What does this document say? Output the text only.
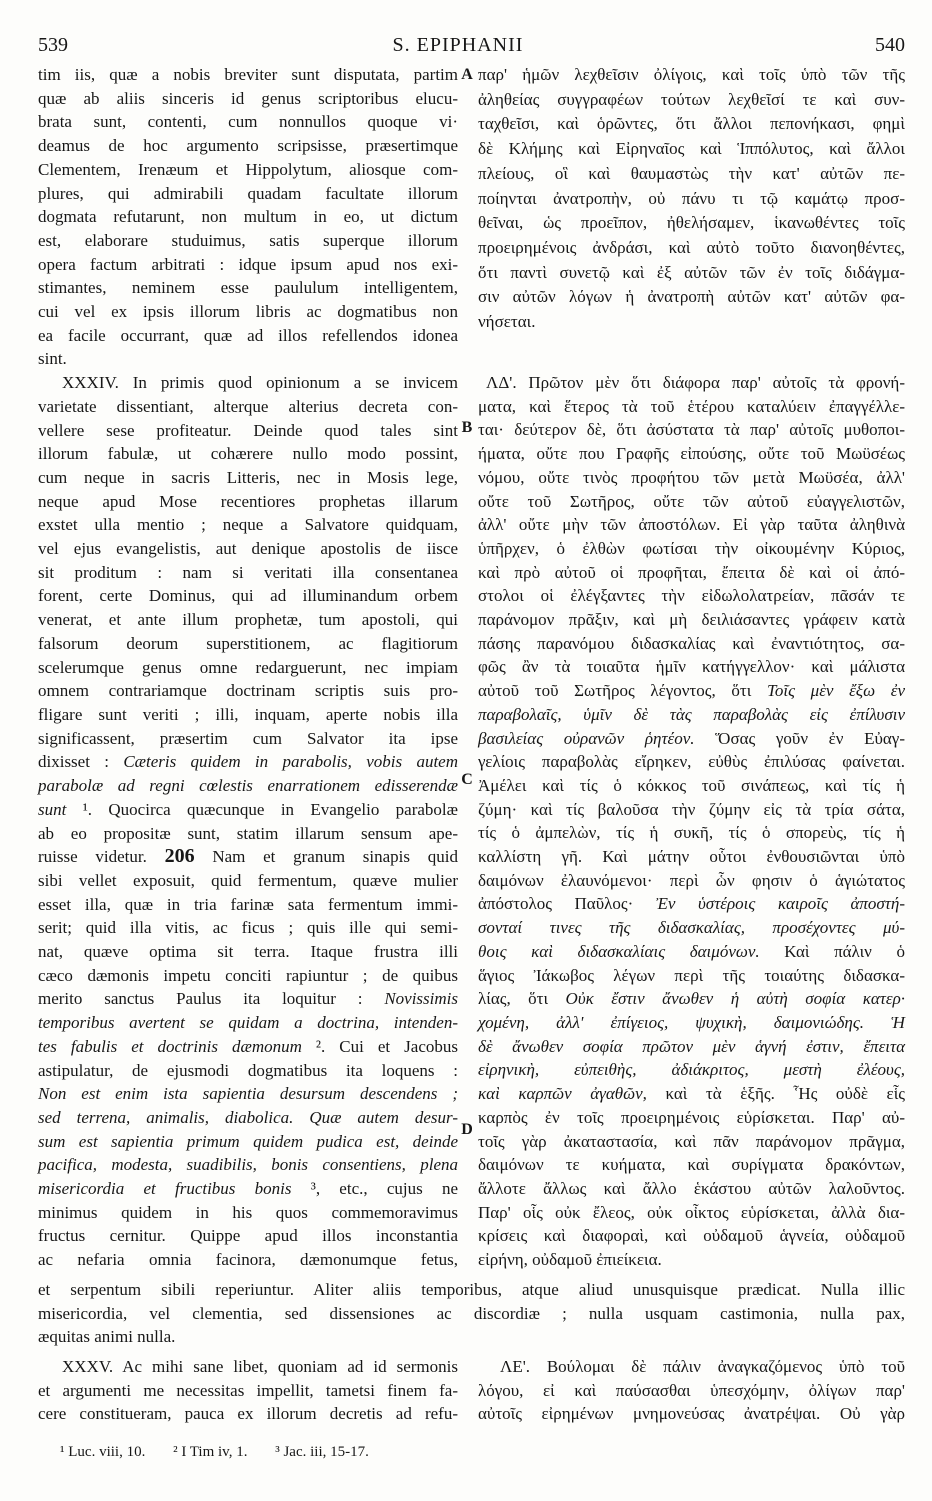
539	S. EPIPHANII	540
A
B
C
D
tim iis, quæ a nobis breviter sunt disputata, partim
quæ ab aliis sinceris id genus scriptoribus elucu-
brata sunt, contenti, cum nonnullos quoque vi·
deamus de hoc argumento scripsisse, præsertimque
Clementem, Irenæum et Hippolytum, aliosque com-
plures, qui admirabili quadam facultate illorum
dogmata refutarunt, non multum in eo, ut dictum
est, elaborare studuimus, satis superque illorum
opera factum arbitrati : idque ipsum apud nos exi-
stimantes, neminem esse paululum intelligentem,
cui vel ex ipsis illorum libris ac dogmatibus non
ea facile occurrant, quæ ad illos refellendos idonea
sint.
XXXIV. In primis quod opinionum a se invicem
varietate dissentiant, alterque alterius decreta con-
vellere sese profiteatur. Deinde quod tales sint
illorum fabulæ, ut cohærere nullo modo possint,
cum neque in sacris Litteris, nec in Mosis lege,
neque apud Mose recentiores prophetas illarum
exstet ulla mentio ; neque a Salvatore quidquam,
vel ejus evangelistis, aut denique apostolis de iisce
sit proditum : nam si veritati illa consentanea
forent, certe Dominus, qui ad illuminandum orbem
venerat, et ante illum prophetæ, tum apostoli, qui
falsorum deorum superstitionem, ac flagitiorum
scelerumque genus omne redarguerunt, nec impiam
omnem contrariamque doctrinam scriptis suis pro-
fligare sunt veriti ; illi, inquam, aperte nobis illa
significassent, præsertim cum Salvator ita ipse
dixisset : Cæteris quidem in parabolis, vobis autem
parabolæ ad regni cœlestis enarrationem edisserendæ
sunt ¹. Quocirca quæcunque in Evangelio parabolæ
ab eo propositæ sunt, statim illarum sensum ape-
ruisse videtur. 206 Nam et granum sinapis quid
sibi vellet exposuit, quid fermentum, quæve mulier
esset illa, quæ in tria farinæ sata fermentum immi-
serit; quid illa vitis, ac ficus ; quis ille qui semi-
nat, quæve optima sit terra. Itaque frustra illi
cæco dæmonis impetu conciti rapiuntur ; de quibus
merito sanctus Paulus ita loquitur : Novissimis
temporibus avertent se quidam a doctrina, intenden-
tes fabulis et doctrinis dæmonum ². Cui et Jacobus
astipulatur, de ejusmodi dogmatibus ita loquens :
Non est enim ista sapientia desursum descendens ;
sed terrena, animalis, diabolica. Quæ autem desur-
sum est sapientia primum quidem pudica est, deinde
pacifica, modesta, suadibilis, bonis consentiens, plena
misericordia et fructibus bonis ³, etc., cujus ne
minimus quidem in his quos commemoravimus
fructus cernitur. Quippe apud illos inconstantia
ac nefaria omnia facinora, dæmonumque fetus,
παρ' ἡμῶν λεχθεῖσιν ὀλίγοις, καὶ τοῖς ὑπὸ τῶν τῆς
ἀληθείας συγγραφέων τούτων λεχθεῖσί τε καὶ συν-
ταχθεῖσι, καὶ ὁρῶντες, ὅτι ἄλλοι πεπονήκασι, φημὶ
δὲ Κλήμης καὶ Εἰρηναῖος καὶ Ἱππόλυτος, καὶ ἄλλοι
πλείους, οἳ καὶ θαυμαστὼς τὴν κατ' αὐτῶν πε-
ποίηνται ἀνατροπὴν, οὐ πάνυ τι τῷ καμάτῳ προσ-
θεῖναι, ὡς προεῖπον, ἠθελήσαμεν, ἱκανωθέντες τοῖς
προειρημένοις ἀνδράσι, καὶ αὐτὸ τοῦτο διανοηθέντες,
ὅτι παντὶ συνετῷ καὶ ἐξ αὐτῶν τῶν ἐν τοῖς διδάγμα-
σιν αὐτῶν λόγων ἡ ἀνατροπὴ αὐτῶν κατ' αὐτῶν φα-
νήσεται.
ΛΔ'. Πρῶτον μὲν ὅτι διάφορα παρ' αὐτοῖς τὰ φρονή-
ματα, καὶ ἕτερος τὰ τοῦ ἑτέρου καταλύειν ἐπαγγέλλε-
ται· δεύτερον δὲ, ὅτι ἀσύστατα τὰ παρ' αὐτοῖς μυθοποι-
ήματα, οὔτε που Γραφῆς εἰπούσης, οὔτε τοῦ Μωϋσέως
νόμου, οὔτε τινὸς προφήτου τῶν μετὰ Μωϋσέα, ἀλλ'
οὔτε τοῦ Σωτῆρος, οὔτε τῶν αὐτοῦ εὐαγγελιστῶν,
ἀλλ' οὔτε μὴν τῶν ἀποστόλων. Εἰ γὰρ ταῦτα ἀληθινὰ
ὑπῆρχεν, ὁ ἐλθὼν φωτίσαι τὴν οἰκουμένην Κύριος,
καὶ πρὸ αὐτοῦ οἱ προφῆται, ἔπειτα δὲ καὶ οἱ ἀπό-
στολοι οἱ ἐλέγξαντες τὴν εἰδωλολατρείαν, πᾶσάν τε
παράνομον πρᾶξιν, καὶ μὴ δειλιάσαντες γράφειν κατὰ
πάσης παρανόμου διδασκαλίας καὶ ἐναντιότητος, σα-
φῶς ἂν τὰ τοιαῦτα ἡμῖν κατήγγελλον· καὶ μάλιστα
αὐτοῦ τοῦ Σωτῆρος λέγοντος, ὅτι Τοῖς μὲν ἔξω ἐν
παραβολαῖς, ὑμῖν δὲ τὰς παραβολὰς εἰς ἐπίλυσιν
βασιλείας οὐρανῶν ῥητέον. Ὅσας γοῦν ἐν Εὐαγ-
γελίοις παραβολὰς εἴρηκεν, εὐθὺς ἐπιλύσας φαίνεται.
Ἀμέλει καὶ τίς ὁ κόκκος τοῦ σινάπεως, καὶ τίς ἡ
ζύμη· καὶ τίς βαλοῦσα τὴν ζύμην εἰς τὰ τρία σάτα,
τίς ὁ ἀμπελὼν, τίς ἡ συκῆ, τίς ὁ σπορεὺς, τίς ἡ
καλλίστη γῆ. Καὶ μάτην οὗτοι ἐνθουσιῶνται ὑπὸ
δαιμόνων ἐλαυνόμενοι· περὶ ὧν φησιν ὁ ἁγιώτατος
ἀπόστολος Παῦλος· Ἐν ὑστέροις καιροῖς ἀποστή-
σονταί τινες τῆς διδασκαλίας, προσέχοντες μύ-
θοις καὶ διδασκαλίαις δαιμόνων. Καὶ πάλιν ὁ
ἅγιος Ἰάκωβος λέγων περὶ τῆς τοιαύτης διδασκα-
λίας, ὅτι Οὐκ ἔστιν ἄνωθεν ἡ αὐτὴ σοφία κατερ·
χομένη, ἀλλ' ἐπίγειος, ψυχικὴ, δαιμονιώδης. Ἡ
δὲ ἄνωθεν σοφία πρῶτον μὲν ἁγνή ἐστιν, ἔπειτα
εἰρηνικὴ, εὐπειθὴς, ἀδιάκριτος, μεστὴ ἐλέους,
καὶ καρπῶν ἀγαθῶν, καὶ τὰ ἑξῆς. Ἧς οὐδὲ εἷς
καρπὸς ἐν τοῖς προειρημένοις εὑρίσκεται. Παρ' αὐ-
τοῖς γὰρ ἀκαταστασία, καὶ πᾶν παράνομον πρᾶγμα,
δαιμόνων τε κυήματα, καὶ συρίγματα δρακόντων,
ἄλλοτε ἄλλως καὶ ἄλλο ἑκάστου αὐτῶν λαλοῦντος.
Παρ' οἷς οὐκ ἔλεος, οὐκ οἶκτος εὑρίσκεται, ἀλλὰ δια-
κρίσεις καὶ διαφοραὶ, καὶ οὐδαμοῦ ἁγνεία, οὐδαμοῦ
εἰρήνη, οὐδαμοῦ ἐπιείκεια.
et serpentum sibili reperiuntur. Aliter aliis temporibus, atque aliud unusquisque prædicat. Nulla illic
misericordia, vel clementia, sed dissensiones ac discordiæ ; nulla usquam castimonia, nulla pax,
æquitas animi nulla.
XXXV. Ac mihi sane libet, quoniam ad id sermonis
et argumenti me necessitas impellit, tametsi finem fa-
cere constitueram, pauca ex illorum decretis ad refu-
ΛΕ'. Βούλομαι δὲ πάλιν ἀναγκαζόμενος ὑπὸ τοῦ
λόγου, εἰ καὶ παύσασθαι ὑπεσχόμην, ὀλίγων παρ'
αὐτοῖς εἰρημένων μνημονεύσας ἀνατρέψαι. Οὐ γὰρ
¹ Luc. viii, 10. ² I Tim iv, 1. ³ Jac. iii, 15-17.
